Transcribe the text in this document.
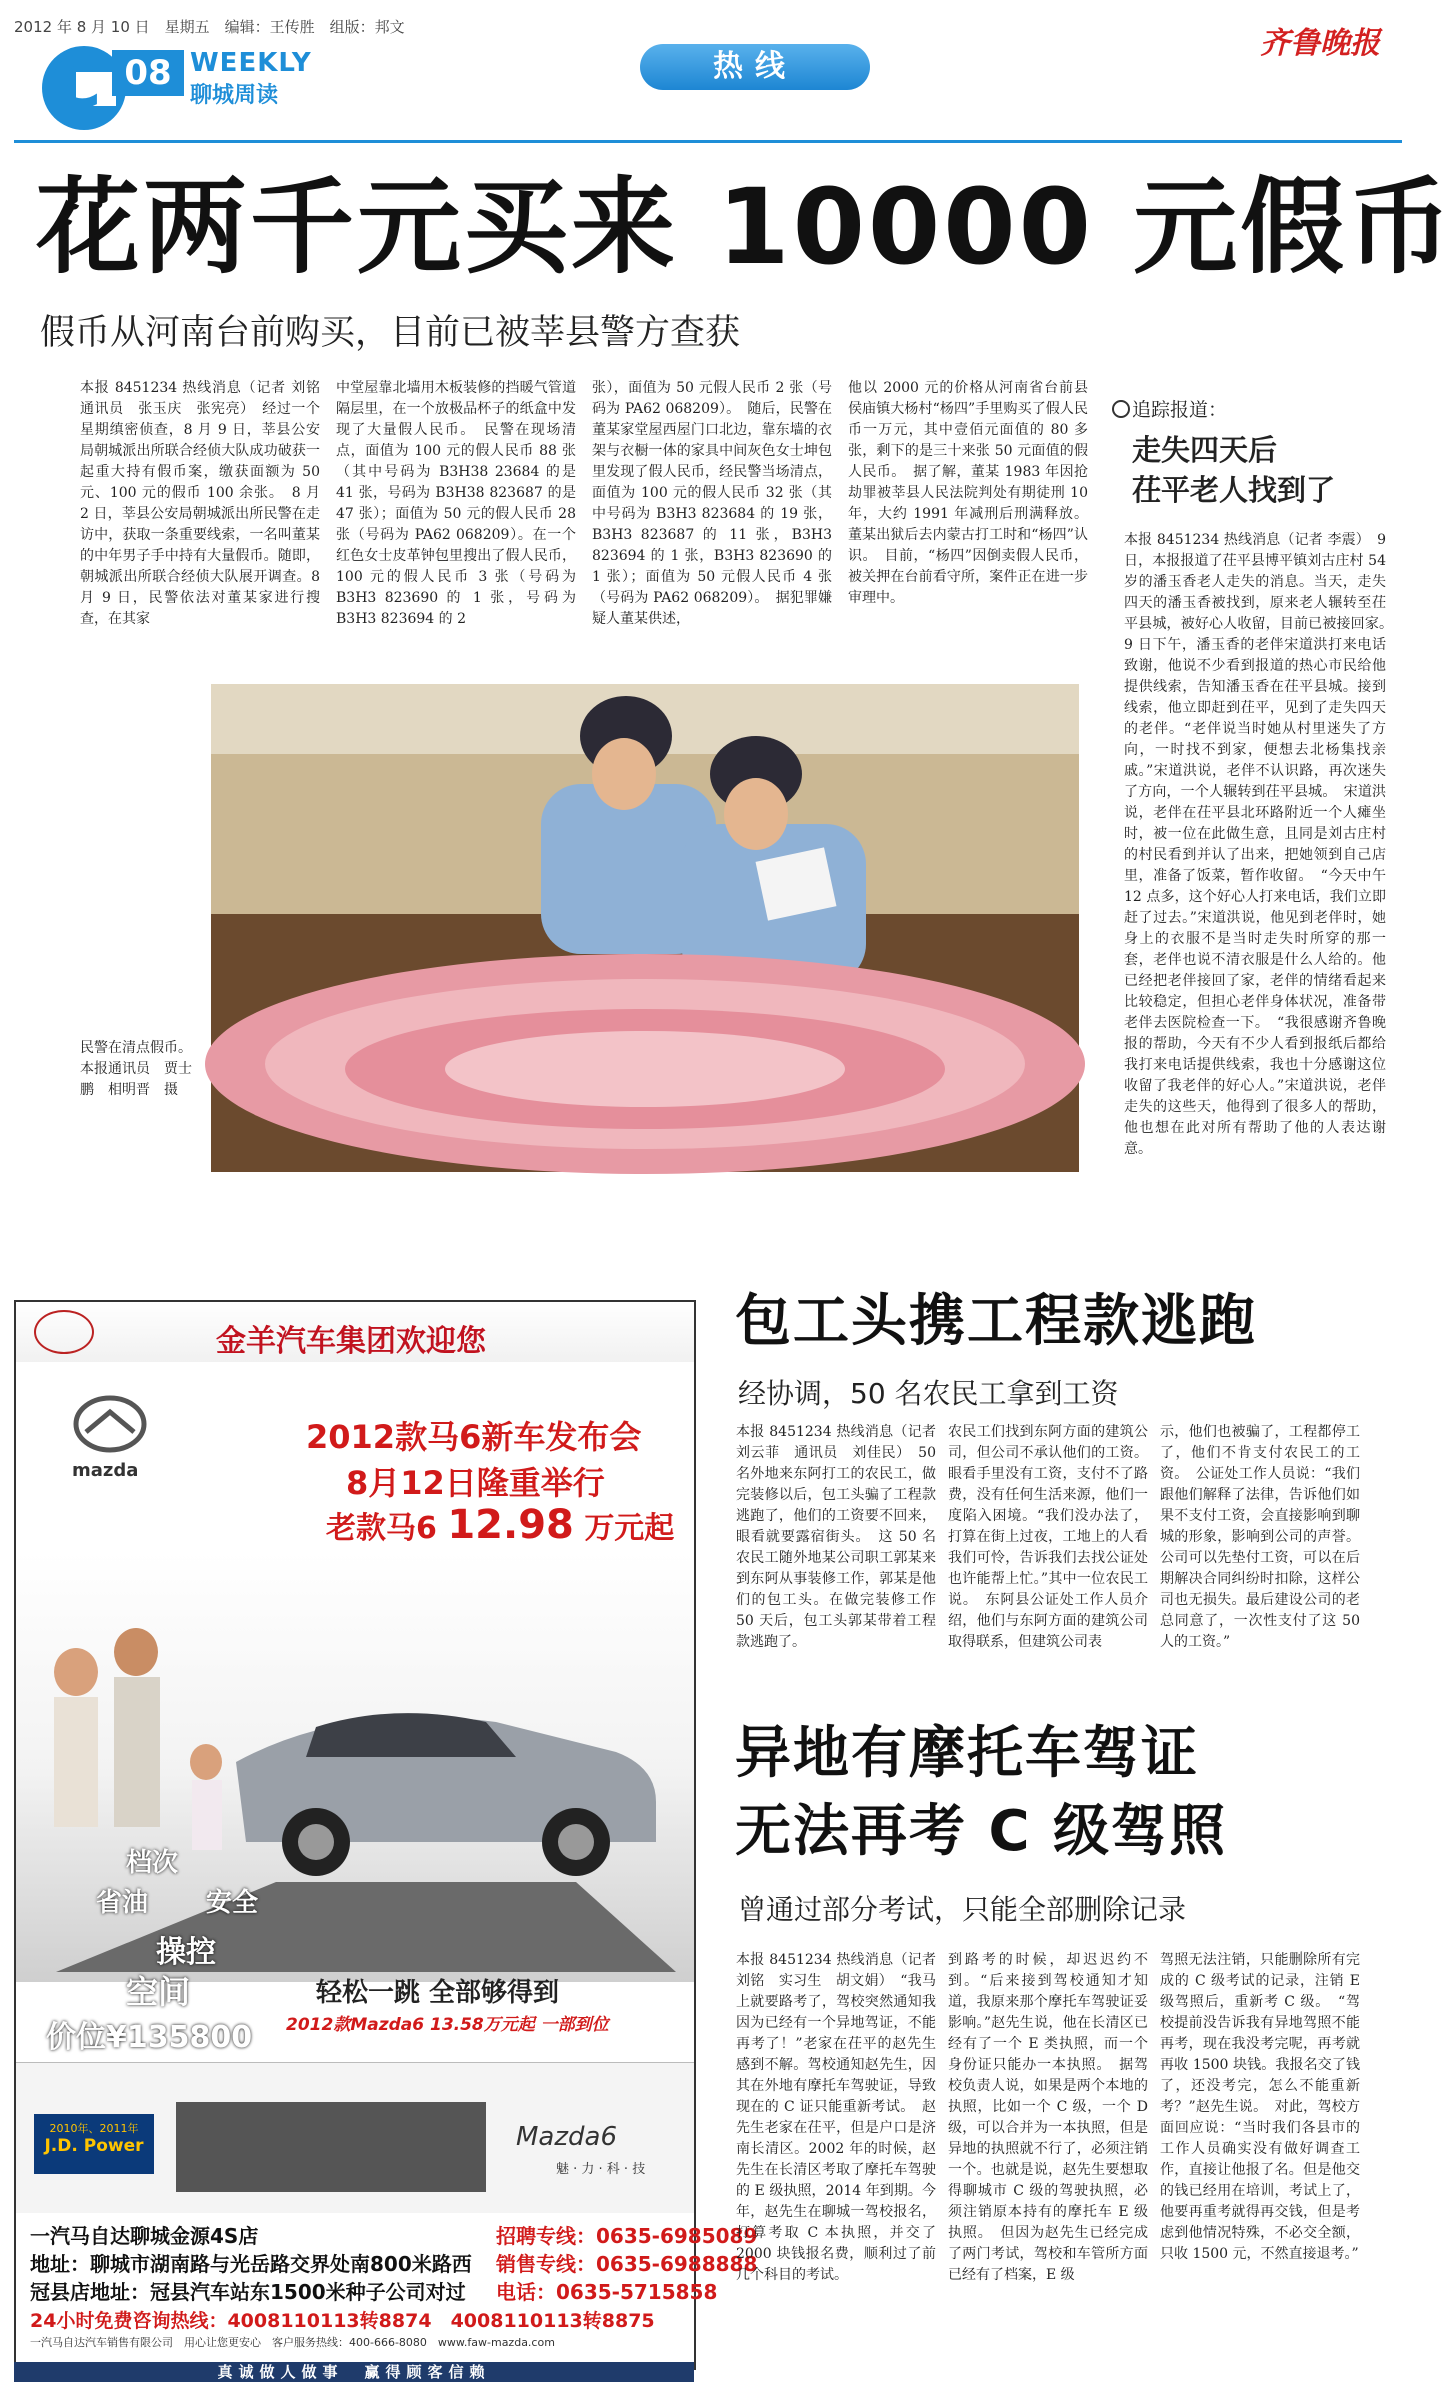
2012 年 8 月 10 日　星期五　编辑：王传胜　组版：邦文
C 08 WEEKLY
聊城周读
热线
齐鲁晚报
花两千元买来 10000 元假币
假币从河南台前购买，目前已被莘县警方查获
本报 8451234 热线消息（记者 刘铭　通讯员　张玉庆　张宪亮）　经过一个星期缜密侦查，8 月 9 日，莘县公安局朝城派出所联合经侦大队成功破获一起重大持有假币案，缴获面额为 50 元、100 元的假币 100 余张。　8 月 2 日，莘县公安局朝城派出所民警在走访中，获取一条重要线索，一名叫董某的中年男子手中持有大量假币。随即，朝城派出所联合经侦大队展开调查。8 月 9 日，民警依法对董某家进行搜查，在其家
中堂屋靠北墙用木板装修的挡暖气管道隔层里，在一个放极品杯子的纸盒中发现了大量假人民币。　民警在现场清点，面值为 100 元的假人民币 88 张（其中号码为 B3H38 23684 的是 41 张，号码为 B3H38 823687 的是 47 张）；面值为 50 元的假人民币 28 张（号码为 PA62 068209）。在一个红色女士皮革钟包里搜出了假人民币，100 元的假人民币 3 张（号码为 B3H3 823690 的 1 张，号码为 B3H3 823694 的 2
张），面值为 50 元假人民币 2 张（号码为 PA62 068209）。　随后，民警在董某家堂屋西屋门口北边，靠东墙的衣架与衣橱一体的家具中间灰色女士坤包里发现了假人民币，经民警当场清点，面值为 100 元的假人民币 32 张（其中号码为 B3H3 823684 的 19 张，B3H3 823687 的 11 张，B3H3 823694 的 1 张，B3H3 823690 的 1 张）；面值为 50 元假人民币 4 张（号码为 PA62 068209）。　据犯罪嫌疑人董某供述，
他以 2000 元的价格从河南省台前县侯庙镇大杨村“杨四”手里购买了假人民币一万元，其中壹佰元面值的 80 多张，剩下的是三十来张 50 元面值的假人民币。　据了解，董某 1983 年因抢劫罪被莘县人民法院判处有期徒刑 10 年，大约 1991 年减刑后刑满释放。董某出狱后去内蒙古打工时和“杨四”认识。　目前，“杨四”因倒卖假人民币，被关押在台前看守所，案件正在进一步审理中。
民警在清点假币。　本报通讯员　贾士鹏　相明晋　摄
追踪报道：
走失四天后
茌平老人找到了
本报 8451234 热线消息（记者 李震）　9 日，本报报道了茌平县博平镇刘古庄村 54 岁的潘玉香老人走失的消息。当天，走失四天的潘玉香被找到，原来老人辗转至茌平县城，被好心人收留，目前已被接回家。　9 日下午，潘玉香的老伴宋道洪打来电话致谢，他说不少看到报道的热心市民给他提供线索，告知潘玉香在茌平县城。接到线索，他立即赶到茌平，见到了走失四天的老伴。“老伴说当时她从村里迷失了方向，一时找不到家，便想去北杨集找亲戚。”宋道洪说，老伴不认识路，再次迷失了方向，一个人辗转到茌平县城。　宋道洪说，老伴在茌平县北环路附近一个人瘫坐时，被一位在此做生意，且同是刘古庄村的村民看到并认了出来，把她领到自己店里，准备了饭菜，暂作收留。　“今天中午 12 点多，这个好心人打来电话，我们立即赶了过去。”宋道洪说，他见到老伴时，她身上的衣服不是当时走失时所穿的那一套，老伴也说不清衣服是什么人给的。他已经把老伴接回了家，老伴的情绪看起来比较稳定，但担心老伴身体状况，准备带老伴去医院检查一下。　“我很感谢齐鲁晚报的帮助，今天有不少人看到报纸后都给我打来电话提供线索，我也十分感谢这位收留了我老伴的好心人。”宋道洪说，老伴走失的这些天，他得到了很多人的帮助，他也想在此对所有帮助了他的人表达谢意。
金羊汽车集团欢迎您
mazda
2012款马6新车发布会
8月12日隆重举行
老款马6 12.98 万元起
档次
省油 安全
操控
空间
价位¥135800
轻松一跳 全部够得到
2012款Mazda6 13.58万元起 一部到位
2010年、2011年
J.D. Power	Mazda6
魅 · 力 · 科 · 技
一汽马自达聊城金源4S店
地址：聊城市湖南路与光岳路交界处南800米路西
冠县店地址：冠县汽车站东1500米种子公司对过
招聘专线：0635-6985089
销售专线：0635-6988888
电话：0635-5715858
24小时免费咨询热线：4008110113转8874　 4008110113转8875
一汽马自达汽车销售有限公司　 用心让您更安心　 客户服务热线：400-666-8080　www.faw-mazda.com
真诚做人做事　赢得顾客信赖
包工头携工程款逃跑
经协调，50 名农民工拿到工资
本报 8451234 热线消息（记者　刘云菲　通讯员　刘佳民）　50 名外地来东阿打工的农民工，做完装修以后，包工头骗了工程款逃跑了，他们的工资要不回来，眼看就要露宿街头。　这 50 名农民工随外地某公司职工郭某来到东阿从事装修工作，郭某是他们的包工头。在做完装修工作 50 天后，包工头郭某带着工程款逃跑了。
农民工们找到东阿方面的建筑公司，但公司不承认他们的工资。眼看手里没有工资，支付不了路费，没有任何生活来源，他们一度陷入困境。“我们没办法了，打算在街上过夜，工地上的人看我们可怜，告诉我们去找公证处也许能帮上忙。”其中一位农民工说。　东阿县公证处工作人员介绍，他们与东阿方面的建筑公司取得联系，但建筑公司表
示，他们也被骗了，工程都停工了，他们不肯支付农民工的工资。　公证处工作人员说：“我们跟他们解释了法律，告诉他们如果不支付工资，会直接影响到聊城的形象，影响到公司的声誉。公司可以先垫付工资，可以在后期解决合同纠纷时扣除，这样公司也无损失。最后建设公司的老总同意了，一次性支付了这 50 人的工资。”
异地有摩托车驾证
无法再考 C 级驾照
曾通过部分考试，只能全部删除记录
本报 8451234 热线消息（记者　刘铭　实习生　胡文娟）　“我马上就要路考了，驾校突然通知我因为已经有一个异地驾证，不能再考了！”老家在茌平的赵先生感到不解。驾校通知赵先生，因其在外地有摩托车驾驶证，导致现在的 C 证只能重新考试。　赵先生老家在茌平，但是户口是济南长清区。2002 年的时候，赵先生在长清区考取了摩托车驾驶的 E 级执照，2014 年到期。今年，赵先生在聊城一驾校报名，打算考取 C 本执照，并交了 2000 块钱报名费，顺利过了前几个科目的考试。
到路考的时候，却迟迟约不到。“后来接到驾校通知才知道，我原来那个摩托车驾驶证妥影响。”赵先生说，他在长清区已经有了一个 E 类执照，而一个身份证只能办一本执照。　据驾校负责人说，如果是两个本地的执照，比如一个 C 级，一个 D 级，可以合并为一本执照，但是异地的执照就不行了，必须注销一个。也就是说，赵先生要想取得聊城市 C 级的驾驶执照，必须注销原本持有的摩托车 E 级执照。　但因为赵先生已经完成了两门考试，驾校和车管所方面已经有了档案，E 级
驾照无法注销，只能删除所有完成的 C 级考试的记录，注销 E 级驾照后，重新考 C 级。　“驾校提前没告诉我有异地驾照不能再考，现在我没考完呢，再考就再收 1500 块钱。我报名交了钱了，还没考完，怎么不能重新考？”赵先生说。　对此，驾校方面回应说：“当时我们各县市的工作人员确实没有做好调查工作，直接让他报了名。但是他交的钱已经用在培训，考试上了，他要再重考就得再交钱，但是考虑到他情况特殊，不必交全额，只收 1500 元，不然直接退考。”
